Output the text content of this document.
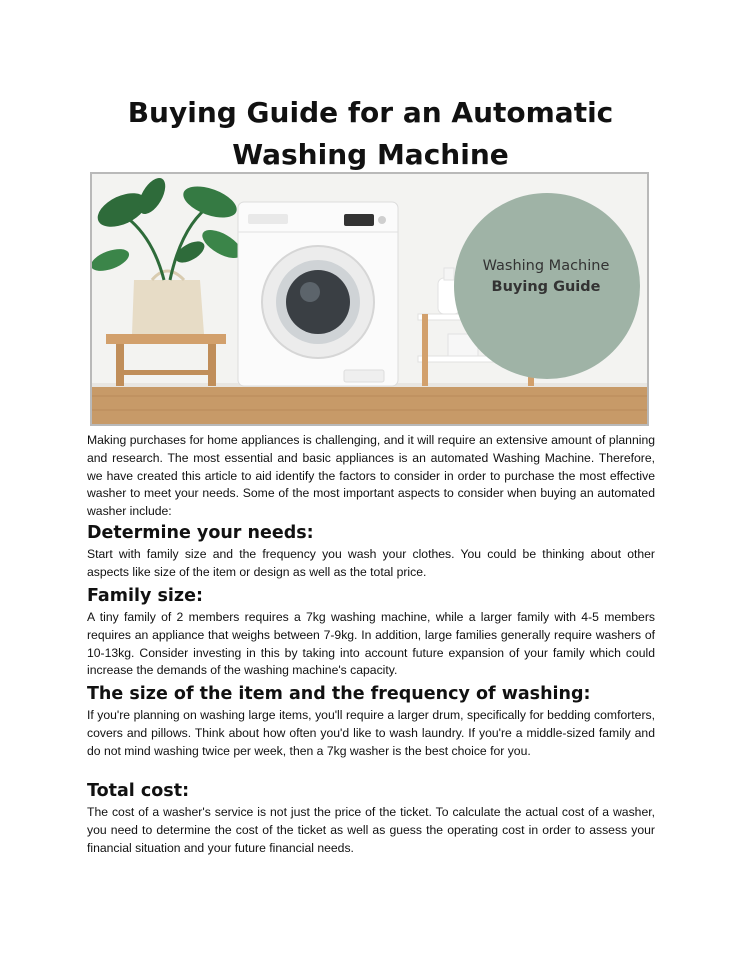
Buying Guide for an Automatic Washing Machine
Washing Machine
Buying Guide

Making purchases for home appliances is challenging, and it will require an extensive amount of planning and research. The most essential and basic appliances is an automated Washing Machine. Therefore, we have created this article to aid identify the factors to consider in order to purchase the most effective washer to meet your needs. Some of the most important aspects to consider when buying an automated washer include:

Determine your needs:

Start with family size and the frequency you wash your clothes. You could be thinking about other aspects like size of the item or design as well as the total price.

Family size:

A tiny family of 2 members requires a 7kg washing machine, while a larger family with 4-5 members requires an appliance that weighs between 7-9kg. In addition, large families generally require washers of 10-13kg. Consider investing in this by taking into account future expansion of your family which could increase the demands of the washing machine's capacity.

The size of the item and the frequency of washing:

If you're planning on washing large items, you'll require a larger drum, specifically for bedding comforters, covers and pillows. Think about how often you'd like to wash laundry. If you're a middle-sized family and do not mind washing twice per week, then a 7kg washer is the best choice for you.

Total cost:

The cost of a washer's service is not just the price of the ticket. To calculate the actual cost of a washer, you need to determine the cost of the ticket as well as guess the operating cost in order to assess your financial situation and your future financial needs.
